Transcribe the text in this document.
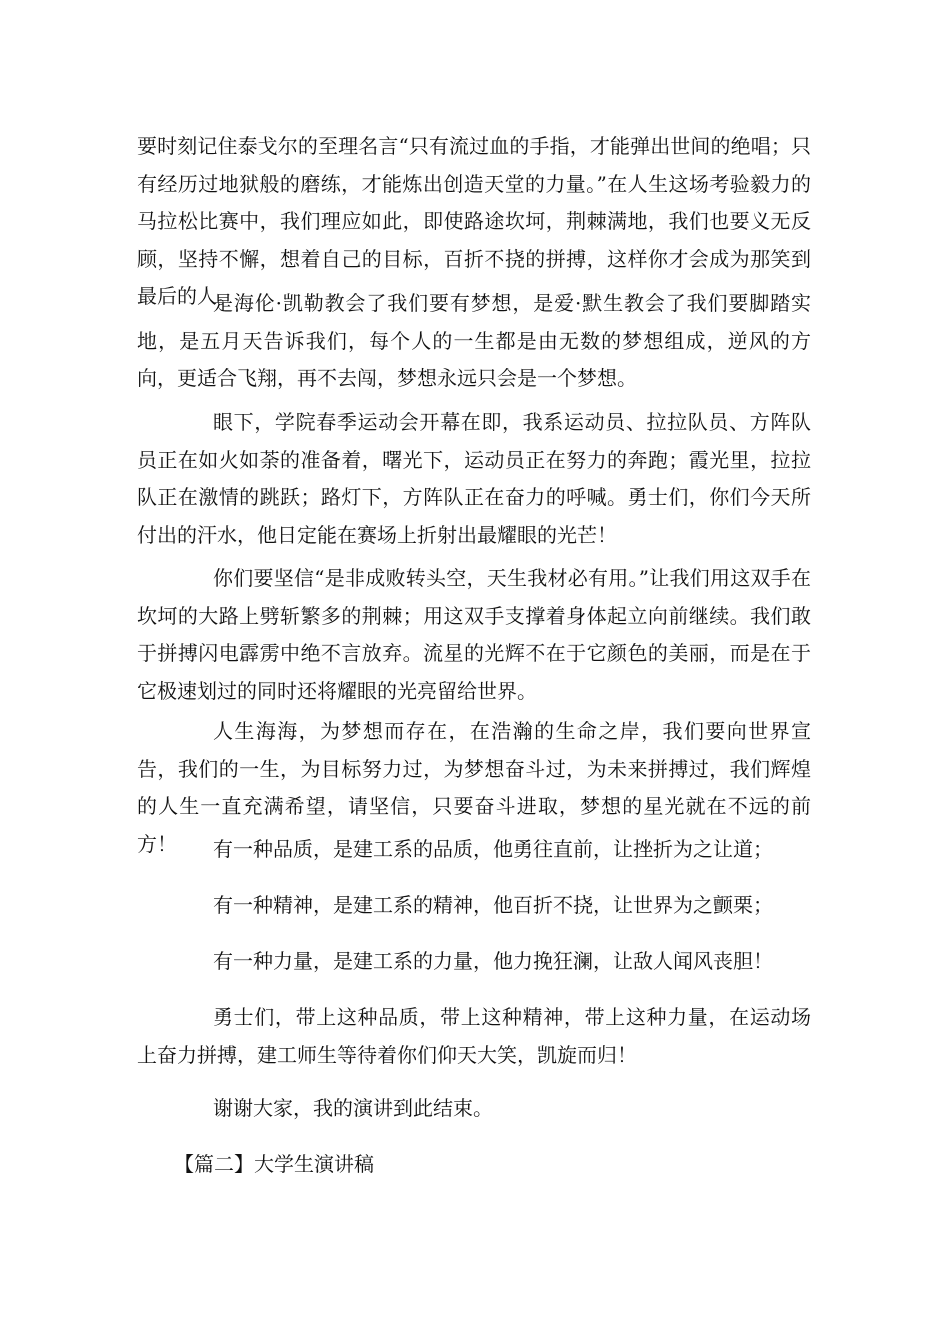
要时刻记住泰戈尔的至理名言“只有流过血的手指，才能弹出世间的绝唱；只有经历过地狱般的磨练，才能炼出创造天堂的力量。”在人生这场考验毅力的马拉松比赛中，我们理应如此，即使路途坎坷，荆棘满地，我们也要义无反顾，坚持不懈，想着自己的目标，百折不挠的拼搏，这样你才会成为那笑到最后的人。

是海伦·凯勒教会了我们要有梦想，是爱·默生教会了我们要脚踏实地，是五月天告诉我们，每个人的一生都是由无数的梦想组成，逆风的方向，更适合飞翔，再不去闯，梦想永远只会是一个梦想。

眼下，学院春季运动会开幕在即，我系运动员、拉拉队员、方阵队员正在如火如荼的准备着，曙光下，运动员正在努力的奔跑；霞光里，拉拉队正在激情的跳跃；路灯下，方阵队正在奋力的呼喊。勇士们，你们今天所付出的汗水，他日定能在赛场上折射出最耀眼的光芒！

你们要坚信“是非成败转头空，天生我材必有用。”让我们用这双手在坎坷的大路上劈斩繁多的荆棘；用这双手支撑着身体起立向前继续。我们敢于拼搏闪电霹雳中绝不言放弃。流星的光辉不在于它颜色的美丽，而是在于它极速划过的同时还将耀眼的光亮留给世界。

人生海海，为梦想而存在，在浩瀚的生命之岸，我们要向世界宣告，我们的一生，为目标努力过，为梦想奋斗过，为未来拼搏过，我们辉煌的人生一直充满希望，请坚信，只要奋斗进取，梦想的星光就在不远的前方！	有一种品质，是建工系的品质，他勇往直前，让挫折为之让道；

有一种精神，是建工系的精神，他百折不挠，让世界为之颤栗；

有一种力量，是建工系的力量，他力挽狂澜，让敌人闻风丧胆！

勇士们，带上这种品质，带上这种精神，带上这种力量，在运动场上奋力拼搏，建工师生等待着你们仰天大笑，凯旋而归！

谢谢大家，我的演讲到此结束。

【篇二】大学生演讲稿
